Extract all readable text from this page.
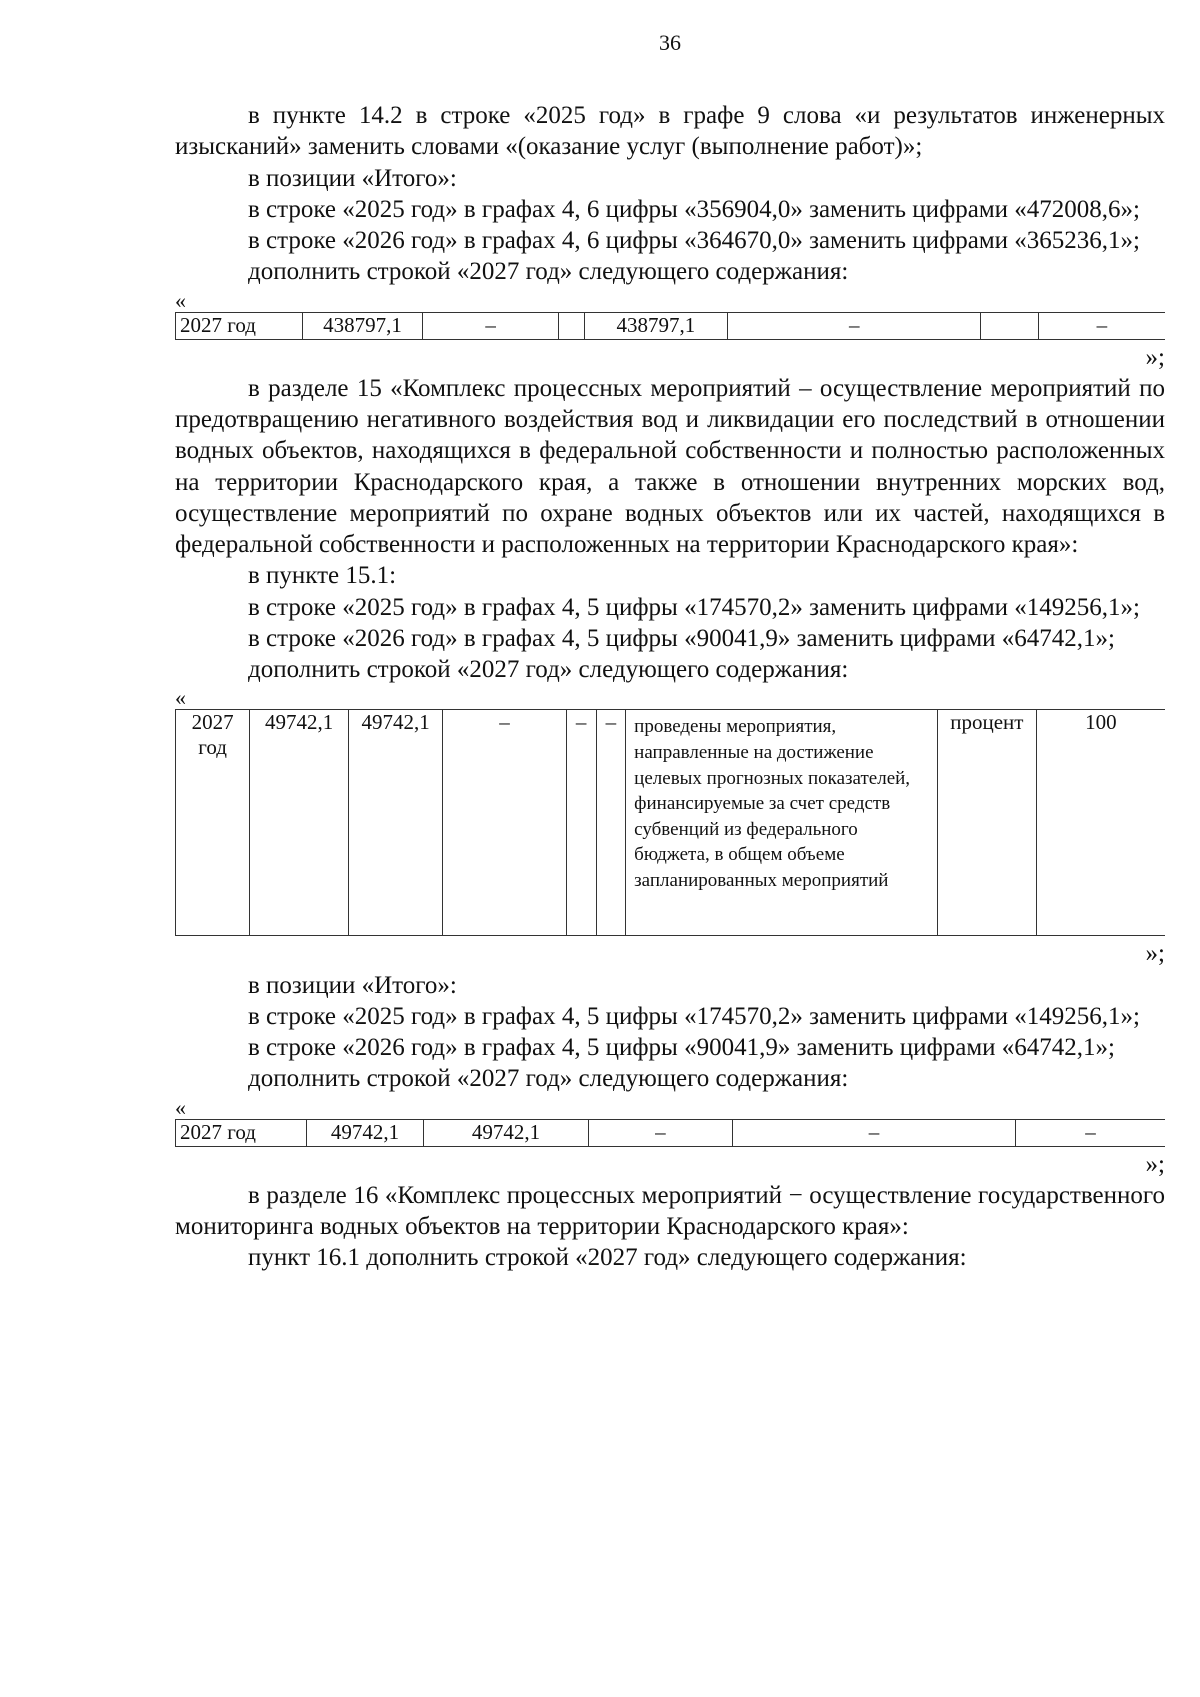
36

в пункте 14.2 в строке «2025 год» в графе 9 слова «и результатов инженерных изысканий» заменить словами «(оказание услуг (выполнение работ)»;

в позиции «Итого»:

в строке «2025 год» в графах 4, 6 цифры «356904,0» заменить цифрами «472008,6»;

в строке «2026 год» в графах 4, 6 цифры «364670,0» заменить цифрами «365236,1»;

дополнить строкой «2027 год» следующего содержания:

«
2027 год	438797,1	–		438797,1	–		–
»;

в разделе 15 «Комплекс процессных мероприятий – осуществление мероприятий по предотвращению негативного воздействия вод и ликвидации его последствий в отношении водных объектов, находящихся в федеральной собственности и полностью расположенных на территории Краснодарского края, а также в отношении внутренних морских вод, осуществление мероприятий по охране водных объектов или их частей, находящихся в федеральной собственности и расположенных на территории Краснодарского края»:

в пункте 15.1:

в строке «2025 год» в графах 4, 5 цифры «174570,2» заменить цифрами «149256,1»;

в строке «2026 год» в графах 4, 5 цифры «90041,9» заменить цифрами «64742,1»;

дополнить строкой «2027 год» следующего содержания:

«
2027 год	49742,1	49742,1	–	–	–	проведены мероприятия, направленные на достижение целевых прогнозных показателей, финансируемые за счет средств субвенций из федерального бюджета, в общем объеме запланированных мероприятий	процент	100
»;

в позиции «Итого»:

в строке «2025 год» в графах 4, 5 цифры «174570,2» заменить цифрами «149256,1»;

в строке «2026 год» в графах 4, 5 цифры «90041,9» заменить цифрами «64742,1»;

дополнить строкой «2027 год» следующего содержания:

«
2027 год	49742,1	49742,1	–	–	–
»;

в разделе 16 «Комплекс процессных мероприятий − осуществление государственного мониторинга водных объектов на территории Краснодарского края»:

пункт 16.1 дополнить строкой «2027 год» следующего содержания:
